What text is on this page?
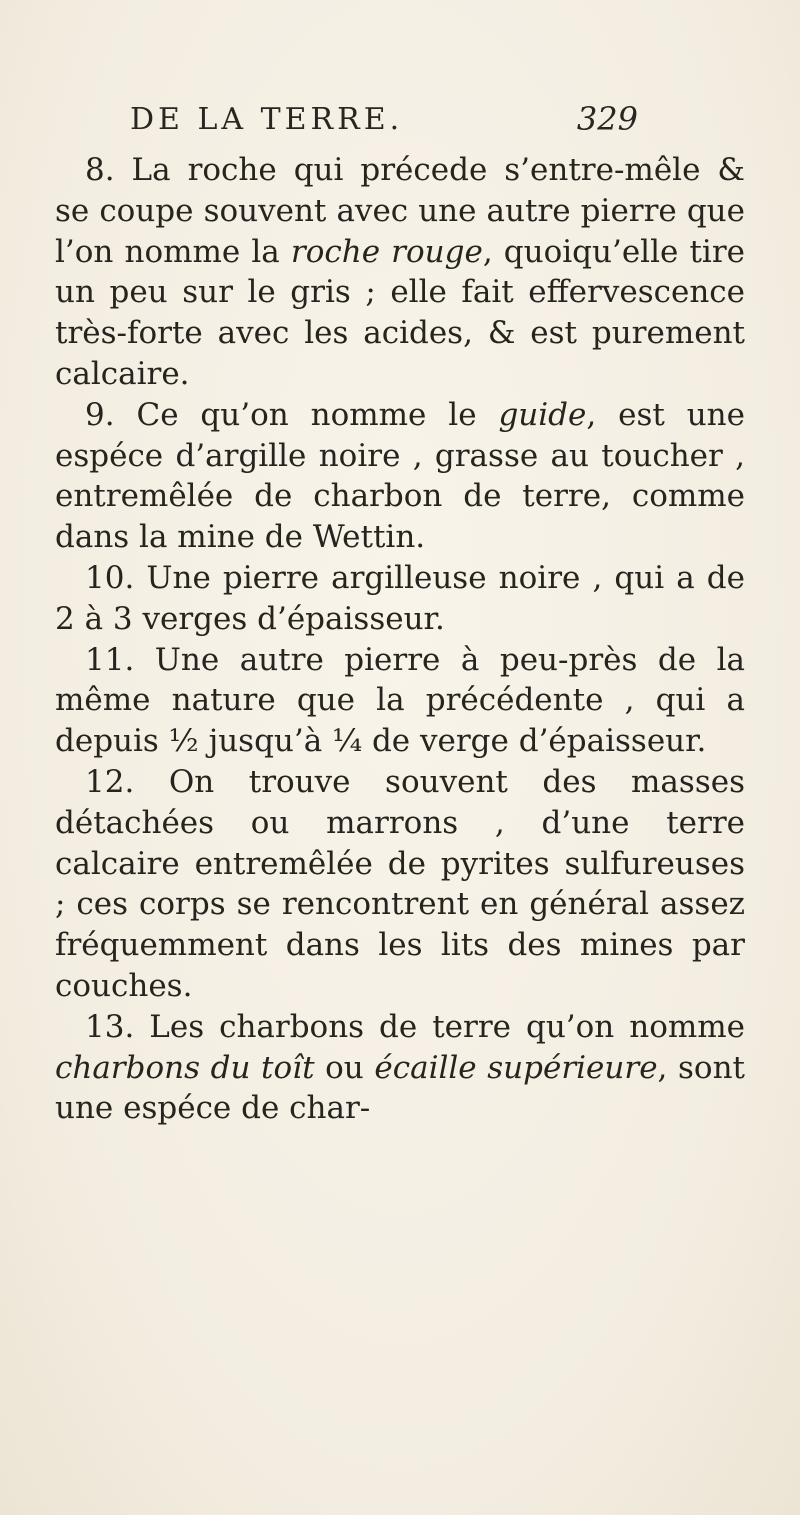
DE LA TERRE.	329

8. La roche qui précede s’entre-mêle & se coupe souvent avec une autre pierre que l’on nomme la roche rouge, quoiqu’elle tire un peu sur le gris ; elle fait effervescence très-forte avec les acides, & est purement calcaire.

9. Ce qu’on nomme le guide, est une espéce d’argille noire , grasse au toucher , entremêlée de charbon de terre, comme dans la mine de Wettin.

10. Une pierre argilleuse noire , qui a de 2 à 3 verges d’épaisseur.

11. Une autre pierre à peu-près de la même nature que la précédente , qui a depuis ½ jusqu’à ¼ de verge d’épaisseur.

12. On trouve souvent des masses détachées ou marrons , d’une terre calcaire entremêlée de pyrites sulfureuses ; ces corps se rencontrent en général assez fréquemment dans les lits des mines par couches.

13. Les charbons de terre qu’on nomme charbons du toît ou écaille supérieure, sont une espéce de char-
